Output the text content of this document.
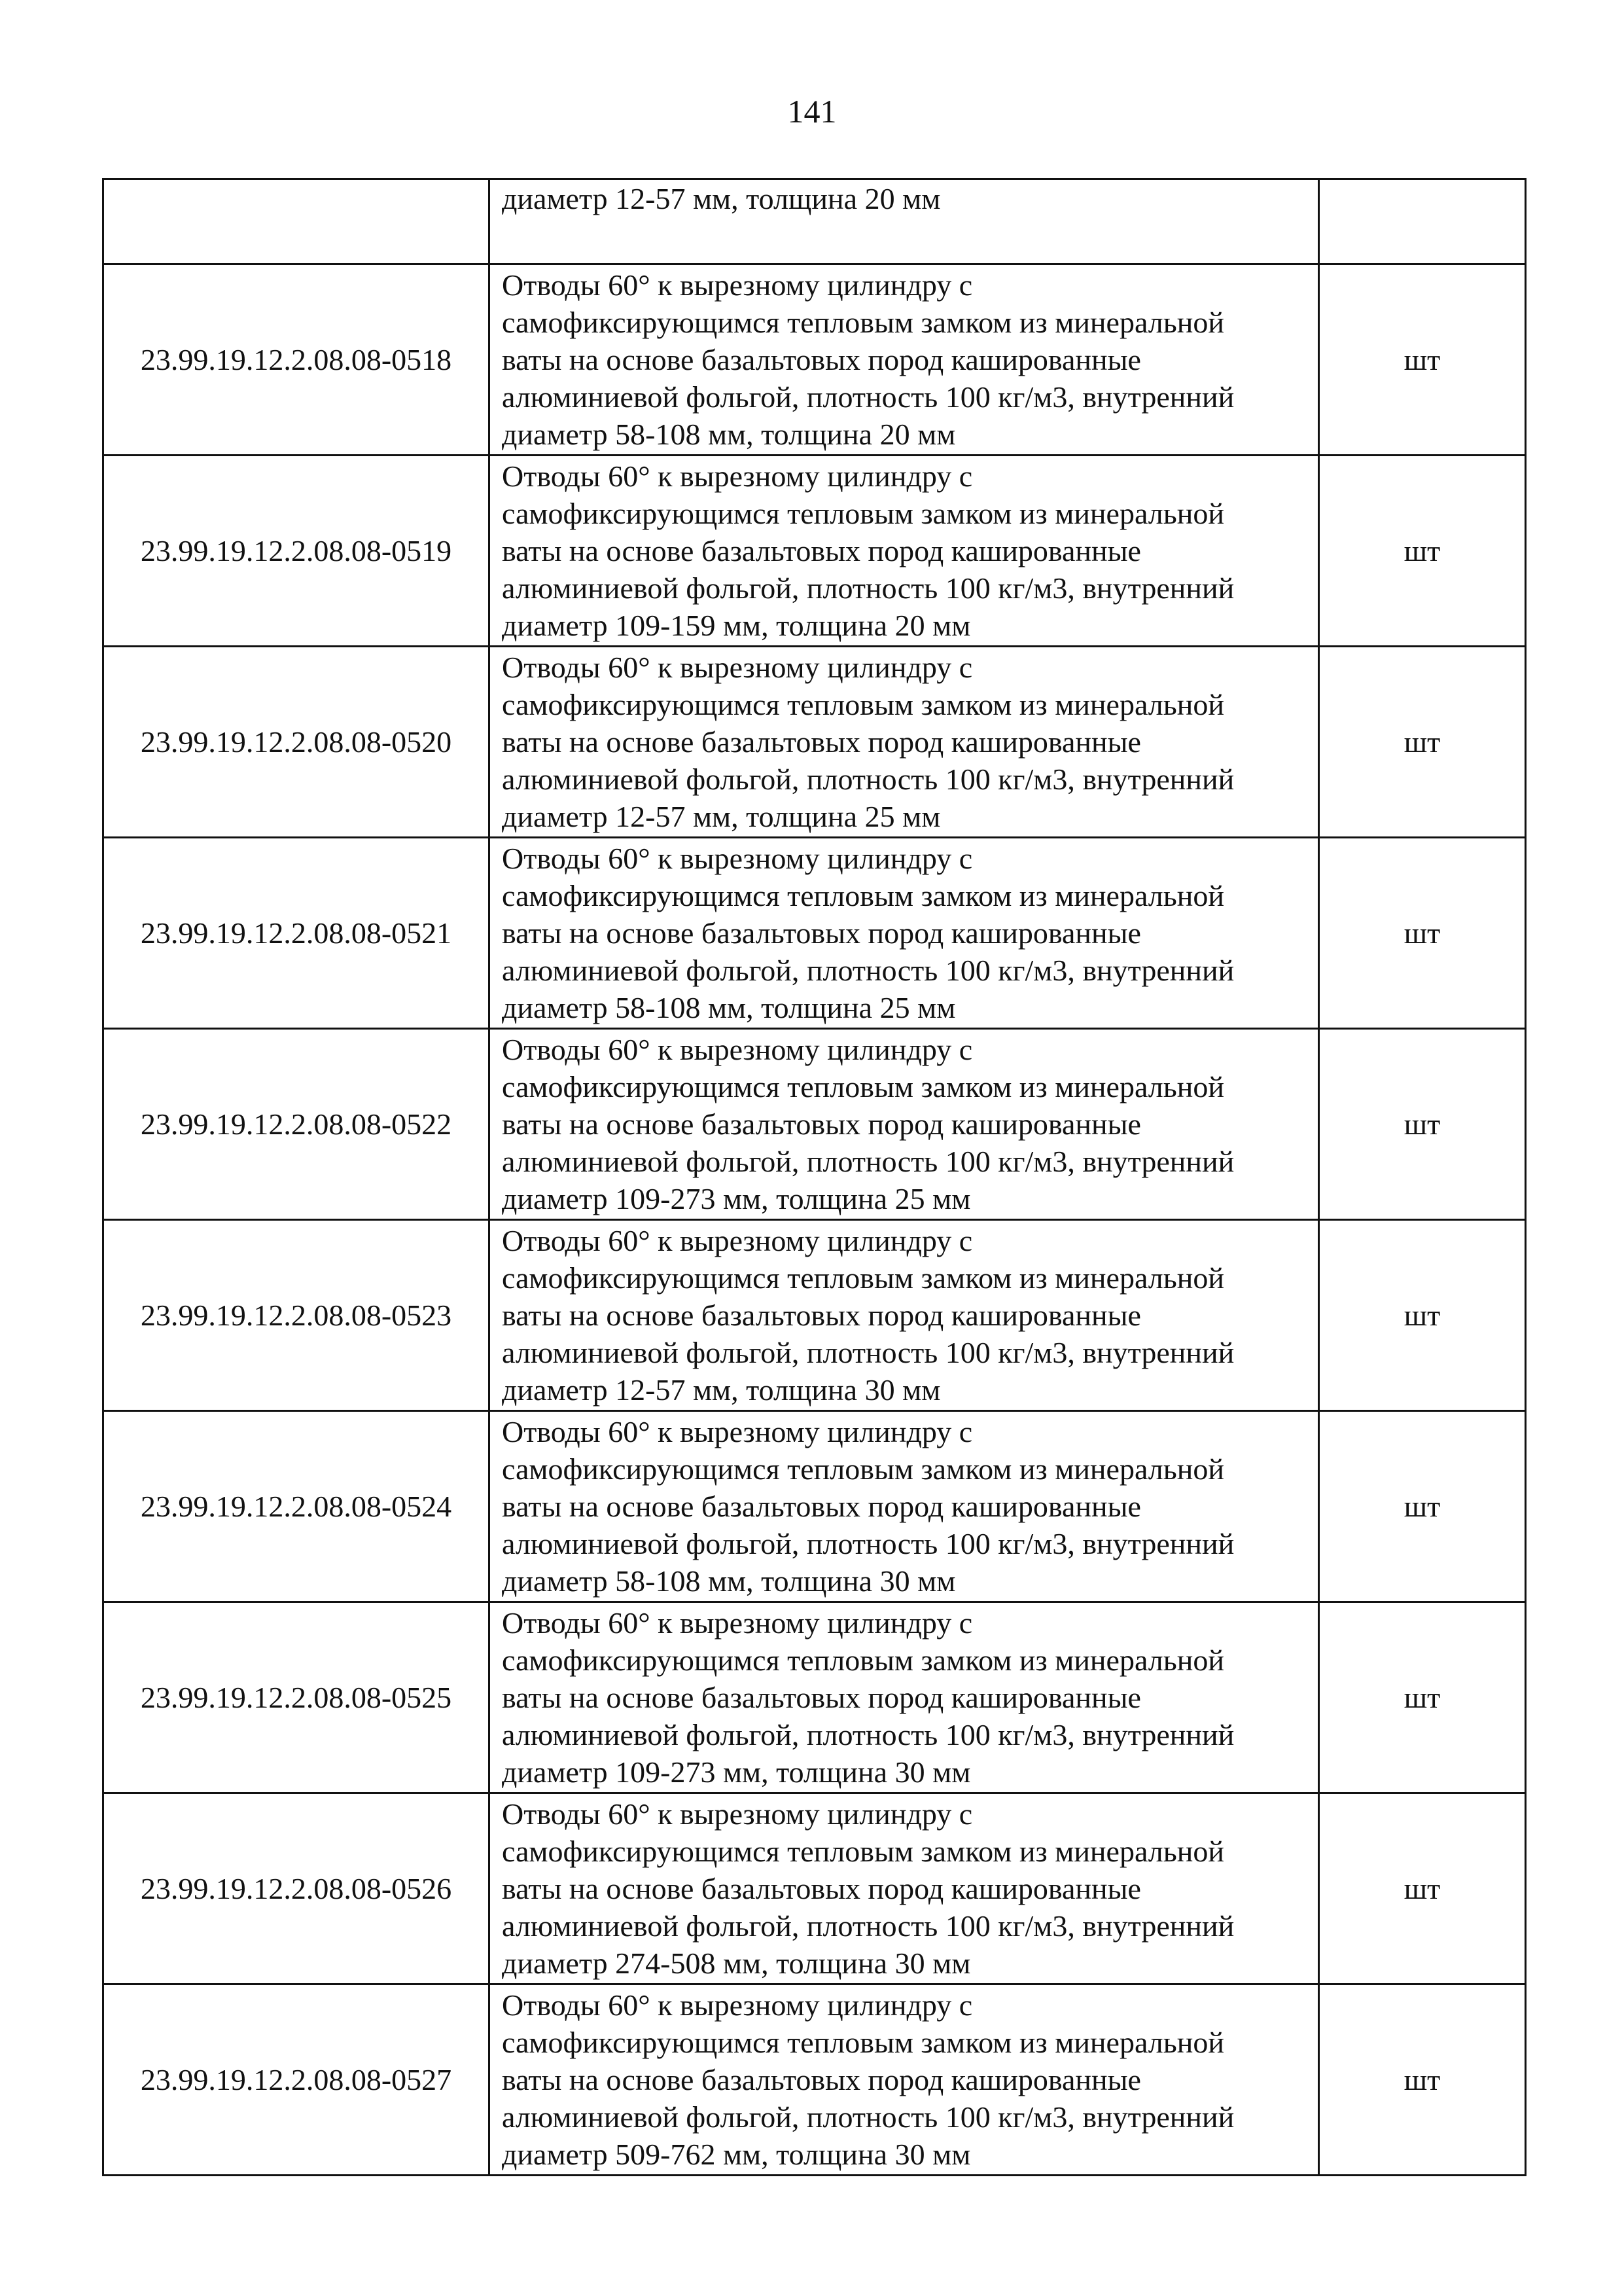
141

	диаметр 12-57 мм, толщина 20 мм	

23.99.19.12.2.08.08-0518	Отводы 60° к вырезному цилиндру с
самофиксирующимся тепловым замком из минеральной
ваты на основе базальтовых пород кашированные
алюминиевой фольгой, плотность 100 кг/м3, внутренний
диаметр 58-108 мм, толщина 20 мм	шт
23.99.19.12.2.08.08-0519	Отводы 60° к вырезному цилиндру с
самофиксирующимся тепловым замком из минеральной
ваты на основе базальтовых пород кашированные
алюминиевой фольгой, плотность 100 кг/м3, внутренний
диаметр 109-159 мм, толщина 20 мм	шт
23.99.19.12.2.08.08-0520	Отводы 60° к вырезному цилиндру с
самофиксирующимся тепловым замком из минеральной
ваты на основе базальтовых пород кашированные
алюминиевой фольгой, плотность 100 кг/м3, внутренний
диаметр 12-57 мм, толщина 25 мм	шт
23.99.19.12.2.08.08-0521	Отводы 60° к вырезному цилиндру с
самофиксирующимся тепловым замком из минеральной
ваты на основе базальтовых пород кашированные
алюминиевой фольгой, плотность 100 кг/м3, внутренний
диаметр 58-108 мм, толщина 25 мм	шт
23.99.19.12.2.08.08-0522	Отводы 60° к вырезному цилиндру с
самофиксирующимся тепловым замком из минеральной
ваты на основе базальтовых пород кашированные
алюминиевой фольгой, плотность 100 кг/м3, внутренний
диаметр 109-273 мм, толщина 25 мм	шт
23.99.19.12.2.08.08-0523	Отводы 60° к вырезному цилиндру с
самофиксирующимся тепловым замком из минеральной
ваты на основе базальтовых пород кашированные
алюминиевой фольгой, плотность 100 кг/м3, внутренний
диаметр 12-57 мм, толщина 30 мм	шт
23.99.19.12.2.08.08-0524	Отводы 60° к вырезному цилиндру с
самофиксирующимся тепловым замком из минеральной
ваты на основе базальтовых пород кашированные
алюминиевой фольгой, плотность 100 кг/м3, внутренний
диаметр 58-108 мм, толщина 30 мм	шт
23.99.19.12.2.08.08-0525	Отводы 60° к вырезному цилиндру с
самофиксирующимся тепловым замком из минеральной
ваты на основе базальтовых пород кашированные
алюминиевой фольгой, плотность 100 кг/м3, внутренний
диаметр 109-273 мм, толщина 30 мм	шт
23.99.19.12.2.08.08-0526	Отводы 60° к вырезному цилиндру с
самофиксирующимся тепловым замком из минеральной
ваты на основе базальтовых пород кашированные
алюминиевой фольгой, плотность 100 кг/м3, внутренний
диаметр 274-508 мм, толщина 30 мм	шт
23.99.19.12.2.08.08-0527	Отводы 60° к вырезному цилиндру с
самофиксирующимся тепловым замком из минеральной
ваты на основе базальтовых пород кашированные
алюминиевой фольгой, плотность 100 кг/м3, внутренний
диаметр 509-762 мм, толщина 30 мм	шт
